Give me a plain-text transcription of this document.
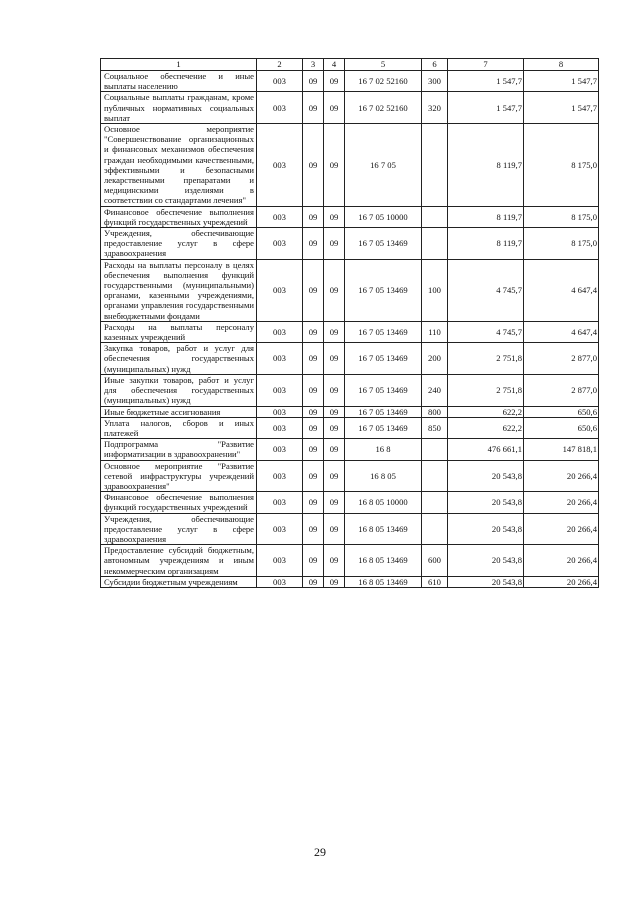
1	2	3	4	5	6	7	8
Социальное обеспечение и иные выплаты населению	003	09	09	16 7 02 52160	300	1 547,7	1 547,7
Социальные выплаты гражданам, кроме публичных нормативных социальных выплат	003	09	09	16 7 02 52160	320	1 547,7	1 547,7
Основное мероприятие "Совершенствование организационных и финансовых механизмов обеспечения граждан необходимыми качественными, эффективными и безопасными лекарственными препаратами и медицинскими изделиями в соответствии со стандартами лечения"	003	09	09	16 7 05		8 119,7	8 175,0
Финансовое обеспечение выполнения функций государственных учреждений	003	09	09	16 7 05 10000		8 119,7	8 175,0
Учреждения, обеспечивающие предоставление услуг в сфере здравоохранения	003	09	09	16 7 05 13469		8 119,7	8 175,0
Расходы на выплаты персоналу в целях обеспечения выполнения функций государственными (муниципальными) органами, казенными учреждениями, органами управления государственными внебюджетными фондами	003	09	09	16 7 05 13469	100	4 745,7	4 647,4
Расходы на выплаты персоналу казенных учреждений	003	09	09	16 7 05 13469	110	4 745,7	4 647,4
Закупка товаров, работ и услуг для обеспечения государственных (муниципальных) нужд	003	09	09	16 7 05 13469	200	2 751,8	2 877,0
Иные закупки товаров, работ и услуг для обеспечения государственных (муниципальных) нужд	003	09	09	16 7 05 13469	240	2 751,8	2 877,0
Иные бюджетные ассигнования	003	09	09	16 7 05 13469	800	622,2	650,6
Уплата налогов, сборов и иных платежей	003	09	09	16 7 05 13469	850	622,2	650,6
Подпрограмма "Развитие информатизации в здравоохранении"	003	09	09	16 8		476 661,1	147 818,1
Основное мероприятие "Развитие сетевой инфраструктуры учреждений здравоохранения"	003	09	09	16 8 05		20 543,8	20 266,4
Финансовое обеспечение выполнения функций государственных учреждений	003	09	09	16 8 05 10000		20 543,8	20 266,4
Учреждения, обеспечивающие предоставление услуг в сфере здравоохранения	003	09	09	16 8 05 13469		20 543,8	20 266,4
Предоставление субсидий бюджетным, автономным учреждениям и иным некоммерческим организациям	003	09	09	16 8 05 13469	600	20 543,8	20 266,4
Субсидии бюджетным учреждениям	003	09	09	16 8 05 13469	610	20 543,8	20 266,4
29
